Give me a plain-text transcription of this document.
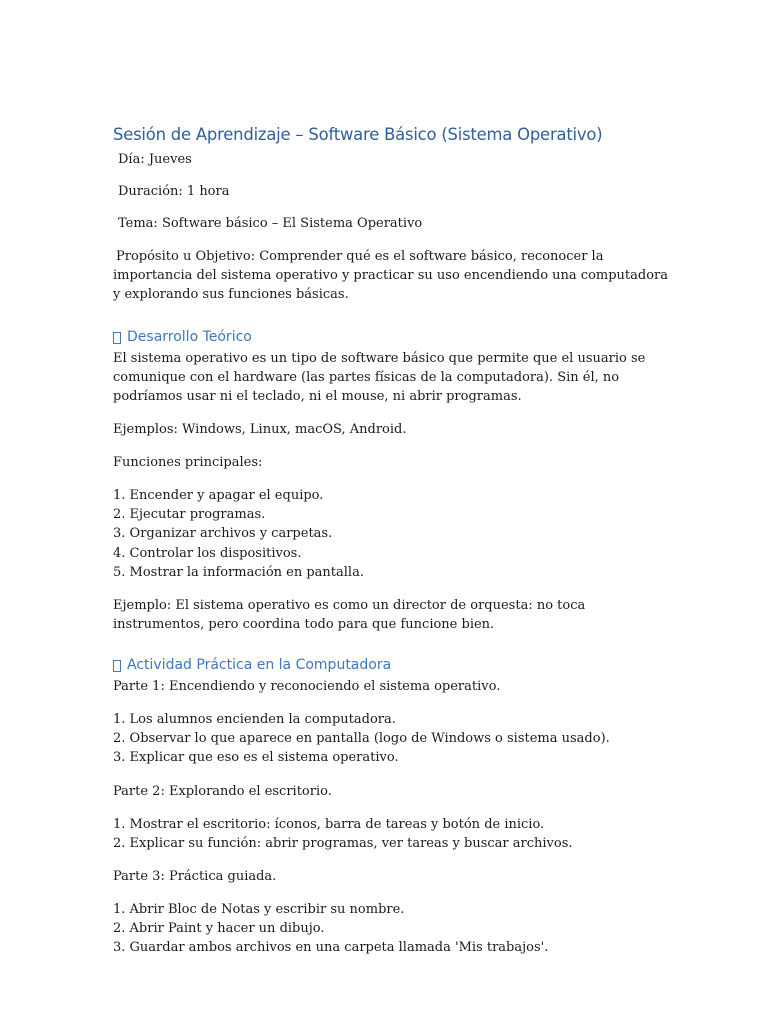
Sesión de Aprendizaje – Software Básico (Sistema Operativo)

Día: Jueves

Duración: 1 hora

Tema: Software básico – El Sistema Operativo

Propósito u Objetivo: Comprender qué es el software básico, reconocer la importancia del sistema operativo y practicar su uso encendiendo una computadora y explorando sus funciones básicas.

Desarrollo Teórico

El sistema operativo es un tipo de software básico que permite que el usuario se comunique con el hardware (las partes físicas de la computadora). Sin él, no podríamos usar ni el teclado, ni el mouse, ni abrir programas.

Ejemplos: Windows, Linux, macOS, Android.

Funciones principales:

1. Encender y apagar el equipo.
2. Ejecutar programas.
3. Organizar archivos y carpetas.
4. Controlar los dispositivos.
5. Mostrar la información en pantalla.

Ejemplo: El sistema operativo es como un director de orquesta: no toca instrumentos, pero coordina todo para que funcione bien.

Actividad Práctica en la Computadora

Parte 1: Encendiendo y reconociendo el sistema operativo.

1. Los alumnos encienden la computadora.
2. Observar lo que aparece en pantalla (logo de Windows o sistema usado).
3. Explicar que eso es el sistema operativo.

Parte 2: Explorando el escritorio.

1. Mostrar el escritorio: íconos, barra de tareas y botón de inicio.
2. Explicar su función: abrir programas, ver tareas y buscar archivos.

Parte 3: Práctica guiada.

1. Abrir Bloc de Notas y escribir su nombre.
2. Abrir Paint y hacer un dibujo.
3. Guardar ambos archivos en una carpeta llamada 'Mis trabajos'.
